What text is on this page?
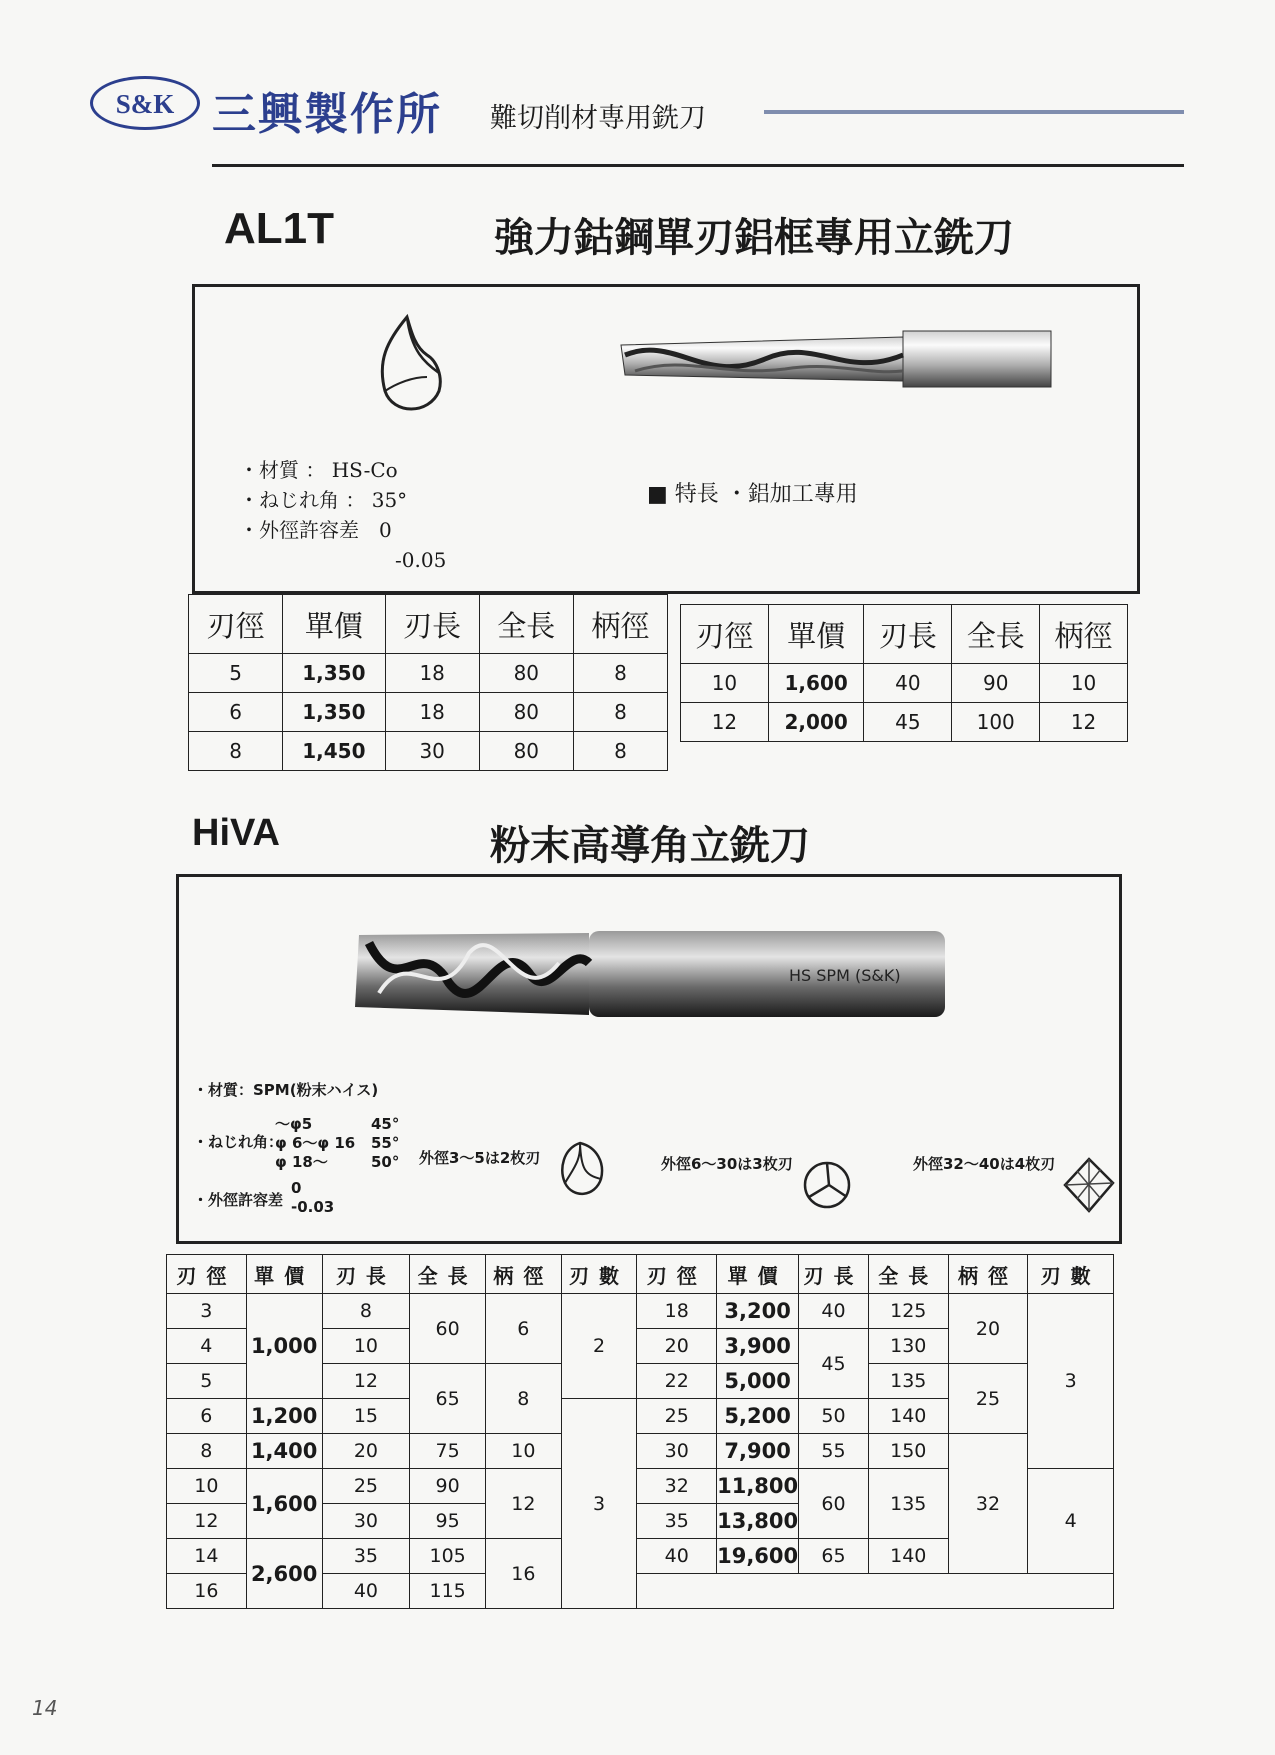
S&K 三興製作所 難切削材専用銑刀
AL1T	強力鈷鋼單刃鋁框專用立銑刀
・材質 ： HS-Co
・ねじれ角 ： 35°
・外徑許容差　0
-0.05
■ 特長 ・鋁加工專用
刃徑	單價	刃長	全長	柄徑
5	1,350	18	80	8
6	1,350	18	80	8
8	1,450	30	80	8
刃徑	單價	刃長	全長	柄徑
10	1,600	40	90	10
12	2,000	45	100	12
HiVA	粉末高導角立銑刀
HS SPM (S&K)
・材質：SPM(粉末ハイス)
・ねじれ角：
～φ5
φ 6～φ 16
φ 18～
45°
55°
50°
・外徑許容差
0
-0.03
外徑3～5は2枚刃	外徑6～30は3枚刃	外徑32～40は4枚刃
刃徑	單價	刃長	全長	柄徑	刃數	刃徑	單價	刃長	全長	柄徑	刃數
3	1,000	8	60	6	2	18	3,200	40	125	20	3
4		10				20	3,900	45	130		
5		12	65	8		22	5,000		135	25	
6	1,200	15			3	25	5,200	50	140		
8	1,400	20	75	10		30	7,900	55	150	32	
10	1,600	25	90	12		32	11,800	60	135		4
12		30	95			35	13,800				
14	2,600	35	105	16		40	19,600	65	140		
16		40	115								
14
